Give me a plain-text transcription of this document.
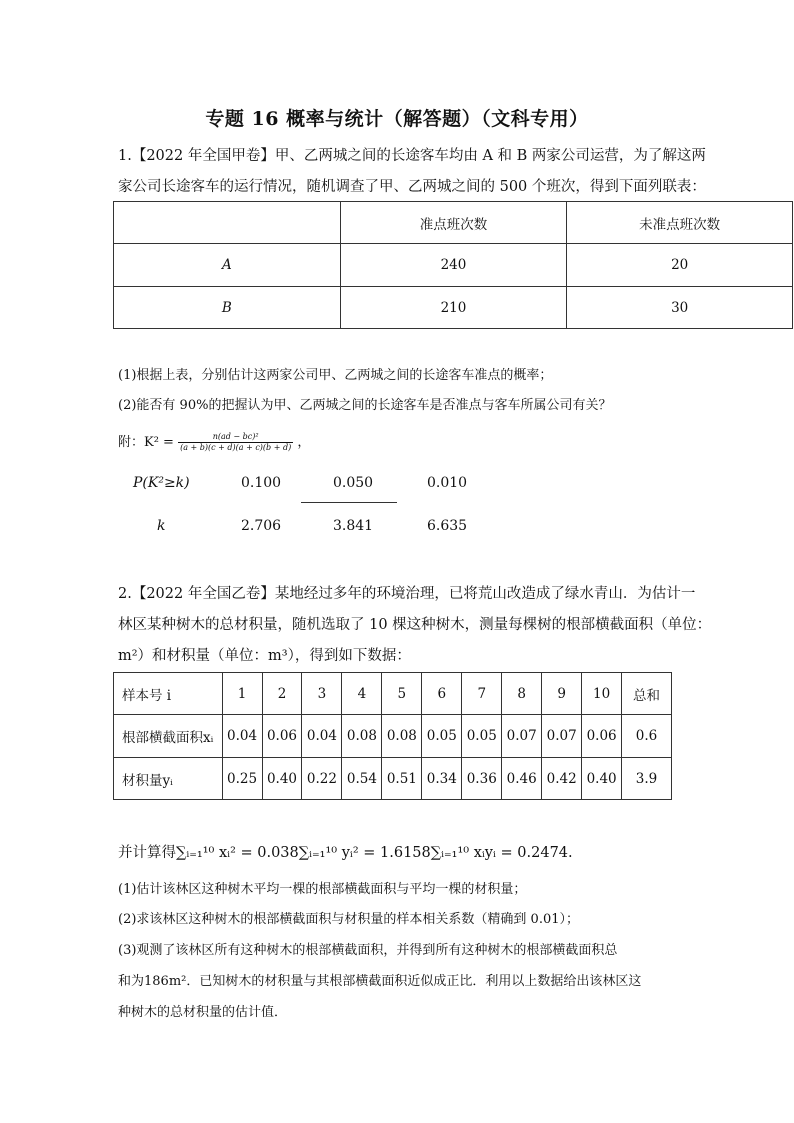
专题 16 概率与统计（解答题）（文科专用）
1.【2022 年全国甲卷】甲、乙两城之间的长途客车均由 A 和 B 两家公司运营，为了解这两
家公司长途客车的运行情况，随机调查了甲、乙两城之间的 500 个班次，得到下面列联表：
	准点班次数	未准点班次数
A	240	20
B	210	30
(1)根据上表，分别估计这两家公司甲、乙两城之间的长途客车准点的概率；
(2)能否有 90%的把握认为甲、乙两城之间的长途客车是否准点与客车所属公司有关？
附：$K^2 = \frac{\text{n(ad − bc)²}}{(a + b)(c + d)(a + c)(b + d)}$ ，
P(K²≥k)	0.100	0.050	0.010
k	2.706	3.841	6.635
2.【2022 年全国乙卷】某地经过多年的环境治理，已将荒山改造成了绿水青山．为估计一
林区某种树木的总材积量，随机选取了 10 棵这种树木，测量每棵树的根部横截面积（单位：
m²）和材积量（单位：m³），得到如下数据：
样本号 i	1	2	3	4	5	6	7	8	9	10	总和
根部横截面积xᵢ	0.04	0.06	0.04	0.08	0.08	0.05	0.05	0.07	0.07	0.06	0.6
材积量yᵢ	0.25	0.40	0.22	0.54	0.51	0.34	0.36	0.46	0.42	0.40	3.9
并计算得∑ᵢ₌₁¹⁰ xᵢ² = 0.038∑ᵢ₌₁¹⁰ yᵢ² = 1.6158∑ᵢ₌₁¹⁰ xᵢyᵢ = 0.2474.
(1)估计该林区这种树木平均一棵的根部横截面积与平均一棵的材积量；
(2)求该林区这种树木的根部横截面积与材积量的样本相关系数（精确到 0.01）；
(3)观测了该林区所有这种树木的根部横截面积，并得到所有这种树木的根部横截面积总
和为186m²．已知树木的材积量与其根部横截面积近似成正比．利用以上数据给出该林区这
种树木的总材积量的估计值．
